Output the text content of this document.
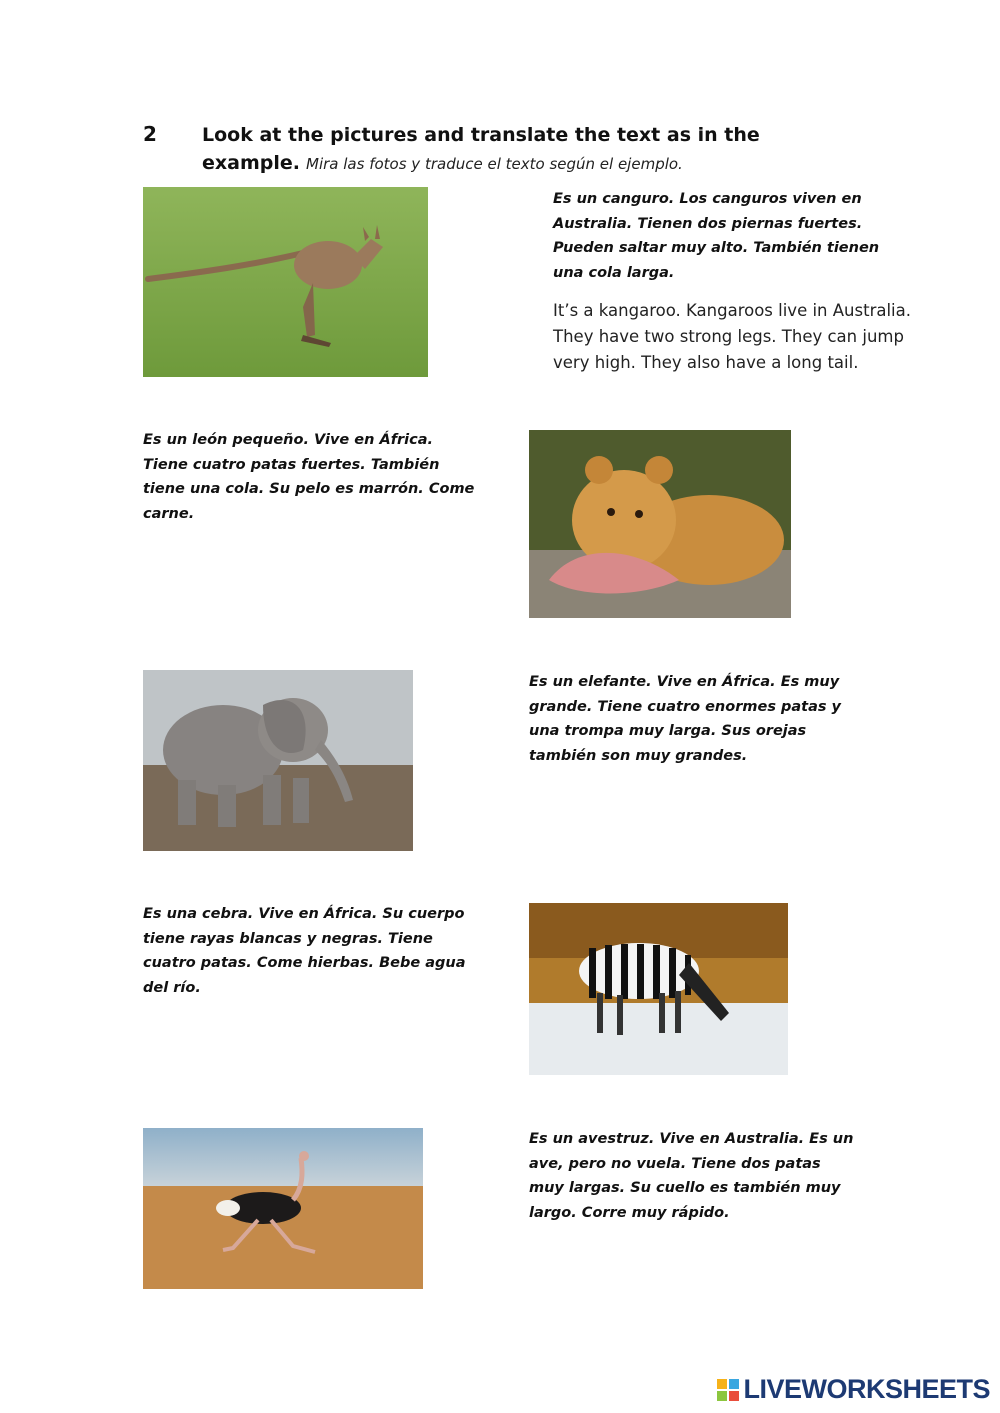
2 Look at the pictures and translate the text as in the example. Mira las fotos y traduce el texto según el ejemplo.
Es un canguro. Los canguros viven en Australia. Tienen dos piernas fuertes. Pueden saltar muy alto. También tienen una cola larga.
It’s a kangaroo. Kangaroos live in Australia. They have two strong legs. They can jump very high. They also have a long tail.
Es un león pequeño. Vive en África. Tiene cuatro patas fuertes. También tiene una cola. Su pelo es marrón. Come carne.
Es un elefante. Vive en África. Es muy grande. Tiene cuatro enormes patas y una trompa muy larga. Sus orejas también son muy grandes.
Es una cebra. Vive en África. Su cuerpo tiene rayas blancas y negras. Tiene cuatro patas. Come hierbas. Bebe agua del río.
Es un avestruz. Vive en Australia. Es un ave, pero no vuela. Tiene dos patas muy largas. Su cuello es también muy largo. Corre muy rápido.
LIVEWORKSHEETS
